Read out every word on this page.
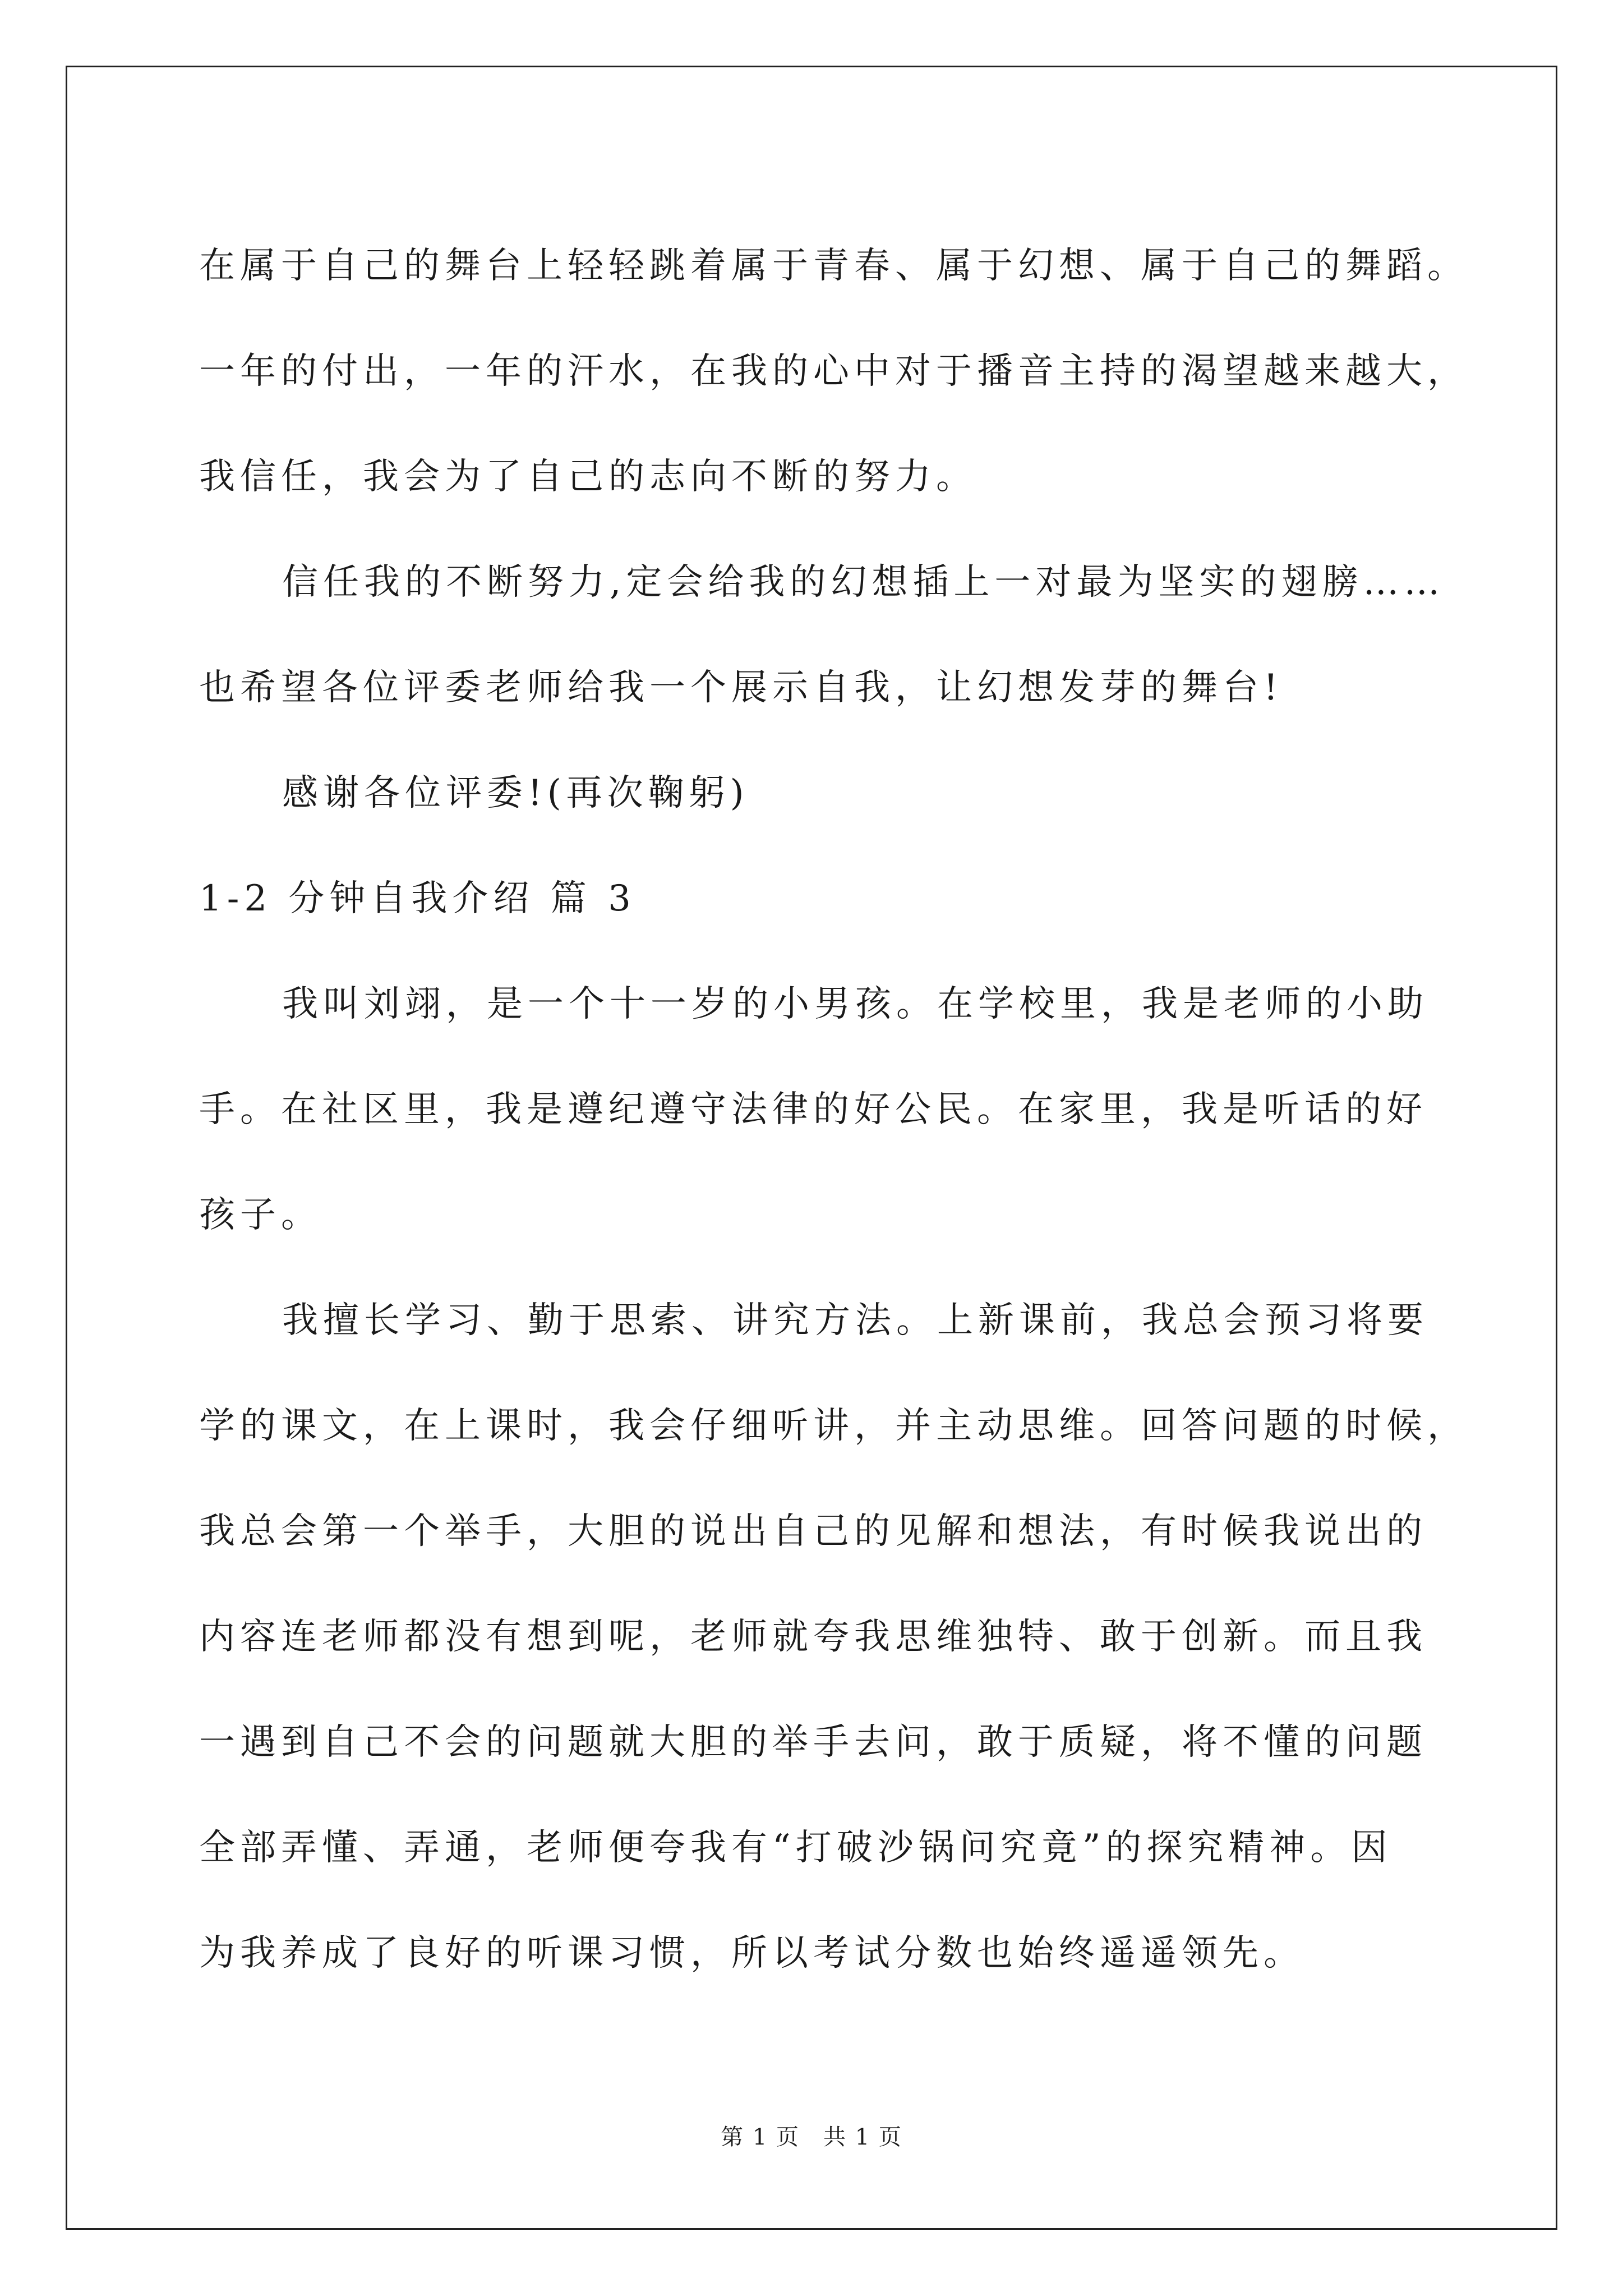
在属于自己的舞台上轻轻跳着属于青春、属于幻想、属于自己的舞蹈。
一年的付出，一年的汗水，在我的心中对于播音主持的渴望越来越大，
我信任，我会为了自己的志向不断的努力。
信任我的不断努力,定会给我的幻想插上一对最为坚实的翅膀……
也希望各位评委老师给我一个展示自我，让幻想发芽的舞台!
感谢各位评委!(再次鞠躬)
1-2 分钟自我介绍 篇 3
我叫刘翊，是一个十一岁的小男孩。在学校里，我是老师的小助
手。在社区里，我是遵纪遵守法律的好公民。在家里，我是听话的好
孩子。
我擅长学习、勤于思索、讲究方法。上新课前，我总会预习将要
学的课文，在上课时，我会仔细听讲，并主动思维。回答问题的时候，
我总会第一个举手，大胆的说出自己的见解和想法，有时候我说出的
内容连老师都没有想到呢，老师就夸我思维独特、敢于创新。而且我
一遇到自己不会的问题就大胆的举手去问，敢于质疑，将不懂的问题
全部弄懂、弄通，老师便夸我有“打破沙锅问究竟”的探究精神。因
为我养成了良好的听课习惯，所以考试分数也始终遥遥领先。
第 1 页　共 1 页
